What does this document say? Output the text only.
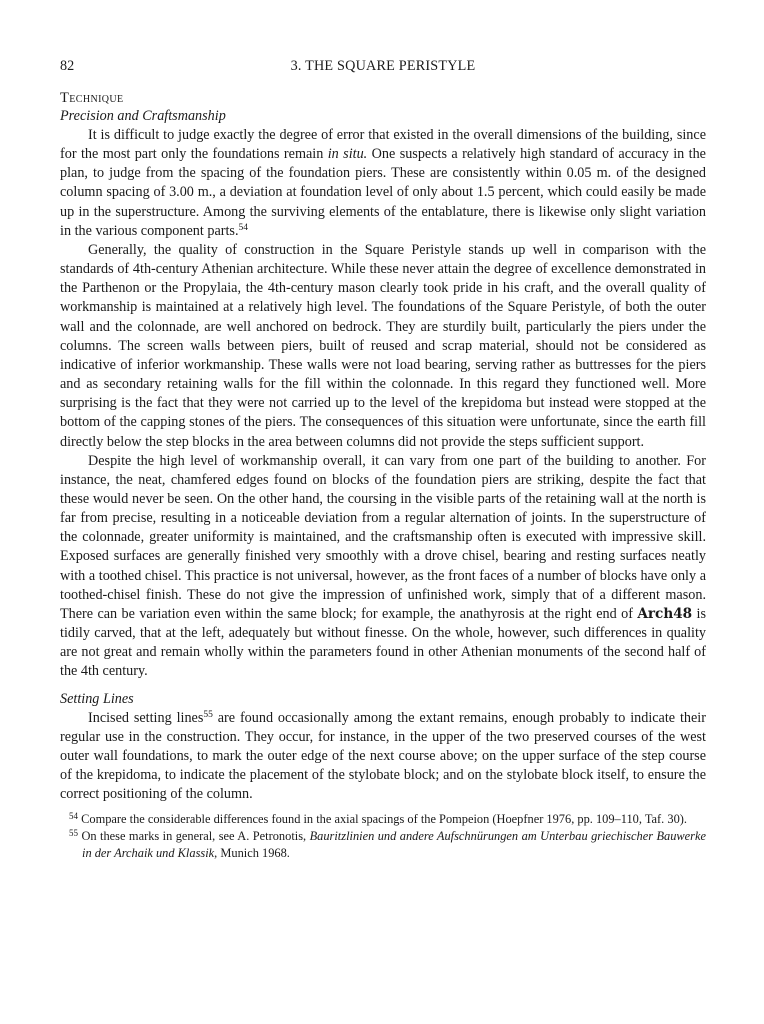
82	3. THE SQUARE PERISTYLE
Technique
Precision and Craftsmanship

It is difficult to judge exactly the degree of error that existed in the overall dimensions of the building, since for the most part only the foundations remain in situ. One suspects a relatively high standard of accuracy in the plan, to judge from the spacing of the foundation piers. These are consistently within 0.05 m. of the designed column spacing of 3.00 m., a deviation at foundation level of only about 1.5 percent, which could easily be made up in the superstructure. Among the surviving elements of the entablature, there is likewise only slight variation in the various component parts.$^{54}$

Generally, the quality of construction in the Square Peristyle stands up well in comparison with the standards of 4th-century Athenian architecture. While these never attain the degree of excellence demonstrated in the Parthenon or the Propylaia, the 4th-century mason clearly took pride in his craft, and the overall quality of workmanship is maintained at a relatively high level. The foundations of the Square Peristyle, of both the outer wall and the colonnade, are well anchored on bedrock. They are sturdily built, particularly the piers under the columns. The screen walls between piers, built of reused and scrap material, should not be considered as indicative of inferior workmanship. These walls were not load bearing, serving rather as buttresses for the piers and as secondary retaining walls for the fill within the colonnade. In this regard they functioned well. More surprising is the fact that they were not carried up to the level of the krepidoma but instead were stopped at the bottom of the capping stones of the piers. The consequences of this situation were unfortunate, since the earth fill directly below the step blocks in the area between columns did not provide the steps sufficient support.

Despite the high level of workmanship overall, it can vary from one part of the building to another. For instance, the neat, chamfered edges found on blocks of the foundation piers are striking, despite the fact that these would never be seen. On the other hand, the coursing in the visible parts of the retaining wall at the north is far from precise, resulting in a noticeable deviation from a regular alternation of joints. In the superstructure of the colonnade, greater uniformity is maintained, and the craftsmanship often is executed with impressive skill. Exposed surfaces are generally finished very smoothly with a drove chisel, bearing and resting surfaces neatly with a toothed chisel. This practice is not universal, however, as the front faces of a number of blocks have only a toothed-chisel finish. These do not give the impression of unfinished work, simply that of a different mason. There can be variation even within the same block; for example, the anathyrosis at the right end of Arch48 is tidily carved, that at the left, adequately but without finesse. On the whole, however, such differences in quality are not great and remain wholly within the parameters found in other Athenian monuments of the second half of the 4th century.

Setting Lines

Incised setting lines$^{55}$ are found occasionally among the extant remains, enough probably to indicate their regular use in the construction. They occur, for instance, in the upper of the two preserved courses of the west outer wall foundations, to mark the outer edge of the next course above; on the upper surface of the step course of the krepidoma, to indicate the placement of the stylobate block; and on the stylobate block itself, to ensure the correct positioning of the column.

$^{54}$ Compare the considerable differences found in the axial spacings of the Pompeion (Hoepfner 1976, pp. 109–110, Taf. 30).

$^{55}$ On these marks in general, see A. Petronotis, Bauritzlinien und andere Aufschnürungen am Unterbau griechischer Bauwerke in der Archaik und Klassik, Munich 1968.
